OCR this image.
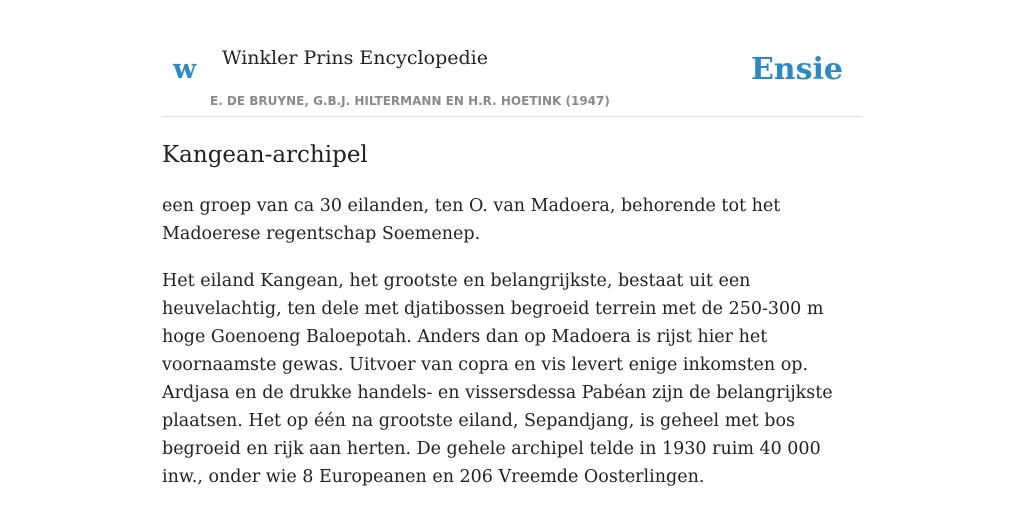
w Winkler Prins Encyclopedie
E. DE BRUYNE, G.B.J. HILTERMANN EN H.R. HOETINK (1947)
Ensie
Kangean-archipel

een groep van ca 30 eilanden, ten O. van Madoera, behorende tot het Madoerese regentschap Soemenep.

Het eiland Kangean, het grootste en belangrijkste, bestaat uit een heuvelachtig, ten dele met djatibossen begroeid terrein met de 250-300 m hoge Goenoeng Baloepotah. Anders dan op Madoera is rijst hier het voornaamste gewas. Uitvoer van copra en vis levert enige inkomsten op. Ardjasa en de drukke handels- en vissersdessa Pabéan zijn de belangrijkste plaatsen. Het op één na grootste eiland, Sepandjang, is geheel met bos begroeid en rijk aan herten. De gehele archipel telde in 1930 ruim 40 000 inw., onder wie 8 Europeanen en 206 Vreemde Oosterlingen.
